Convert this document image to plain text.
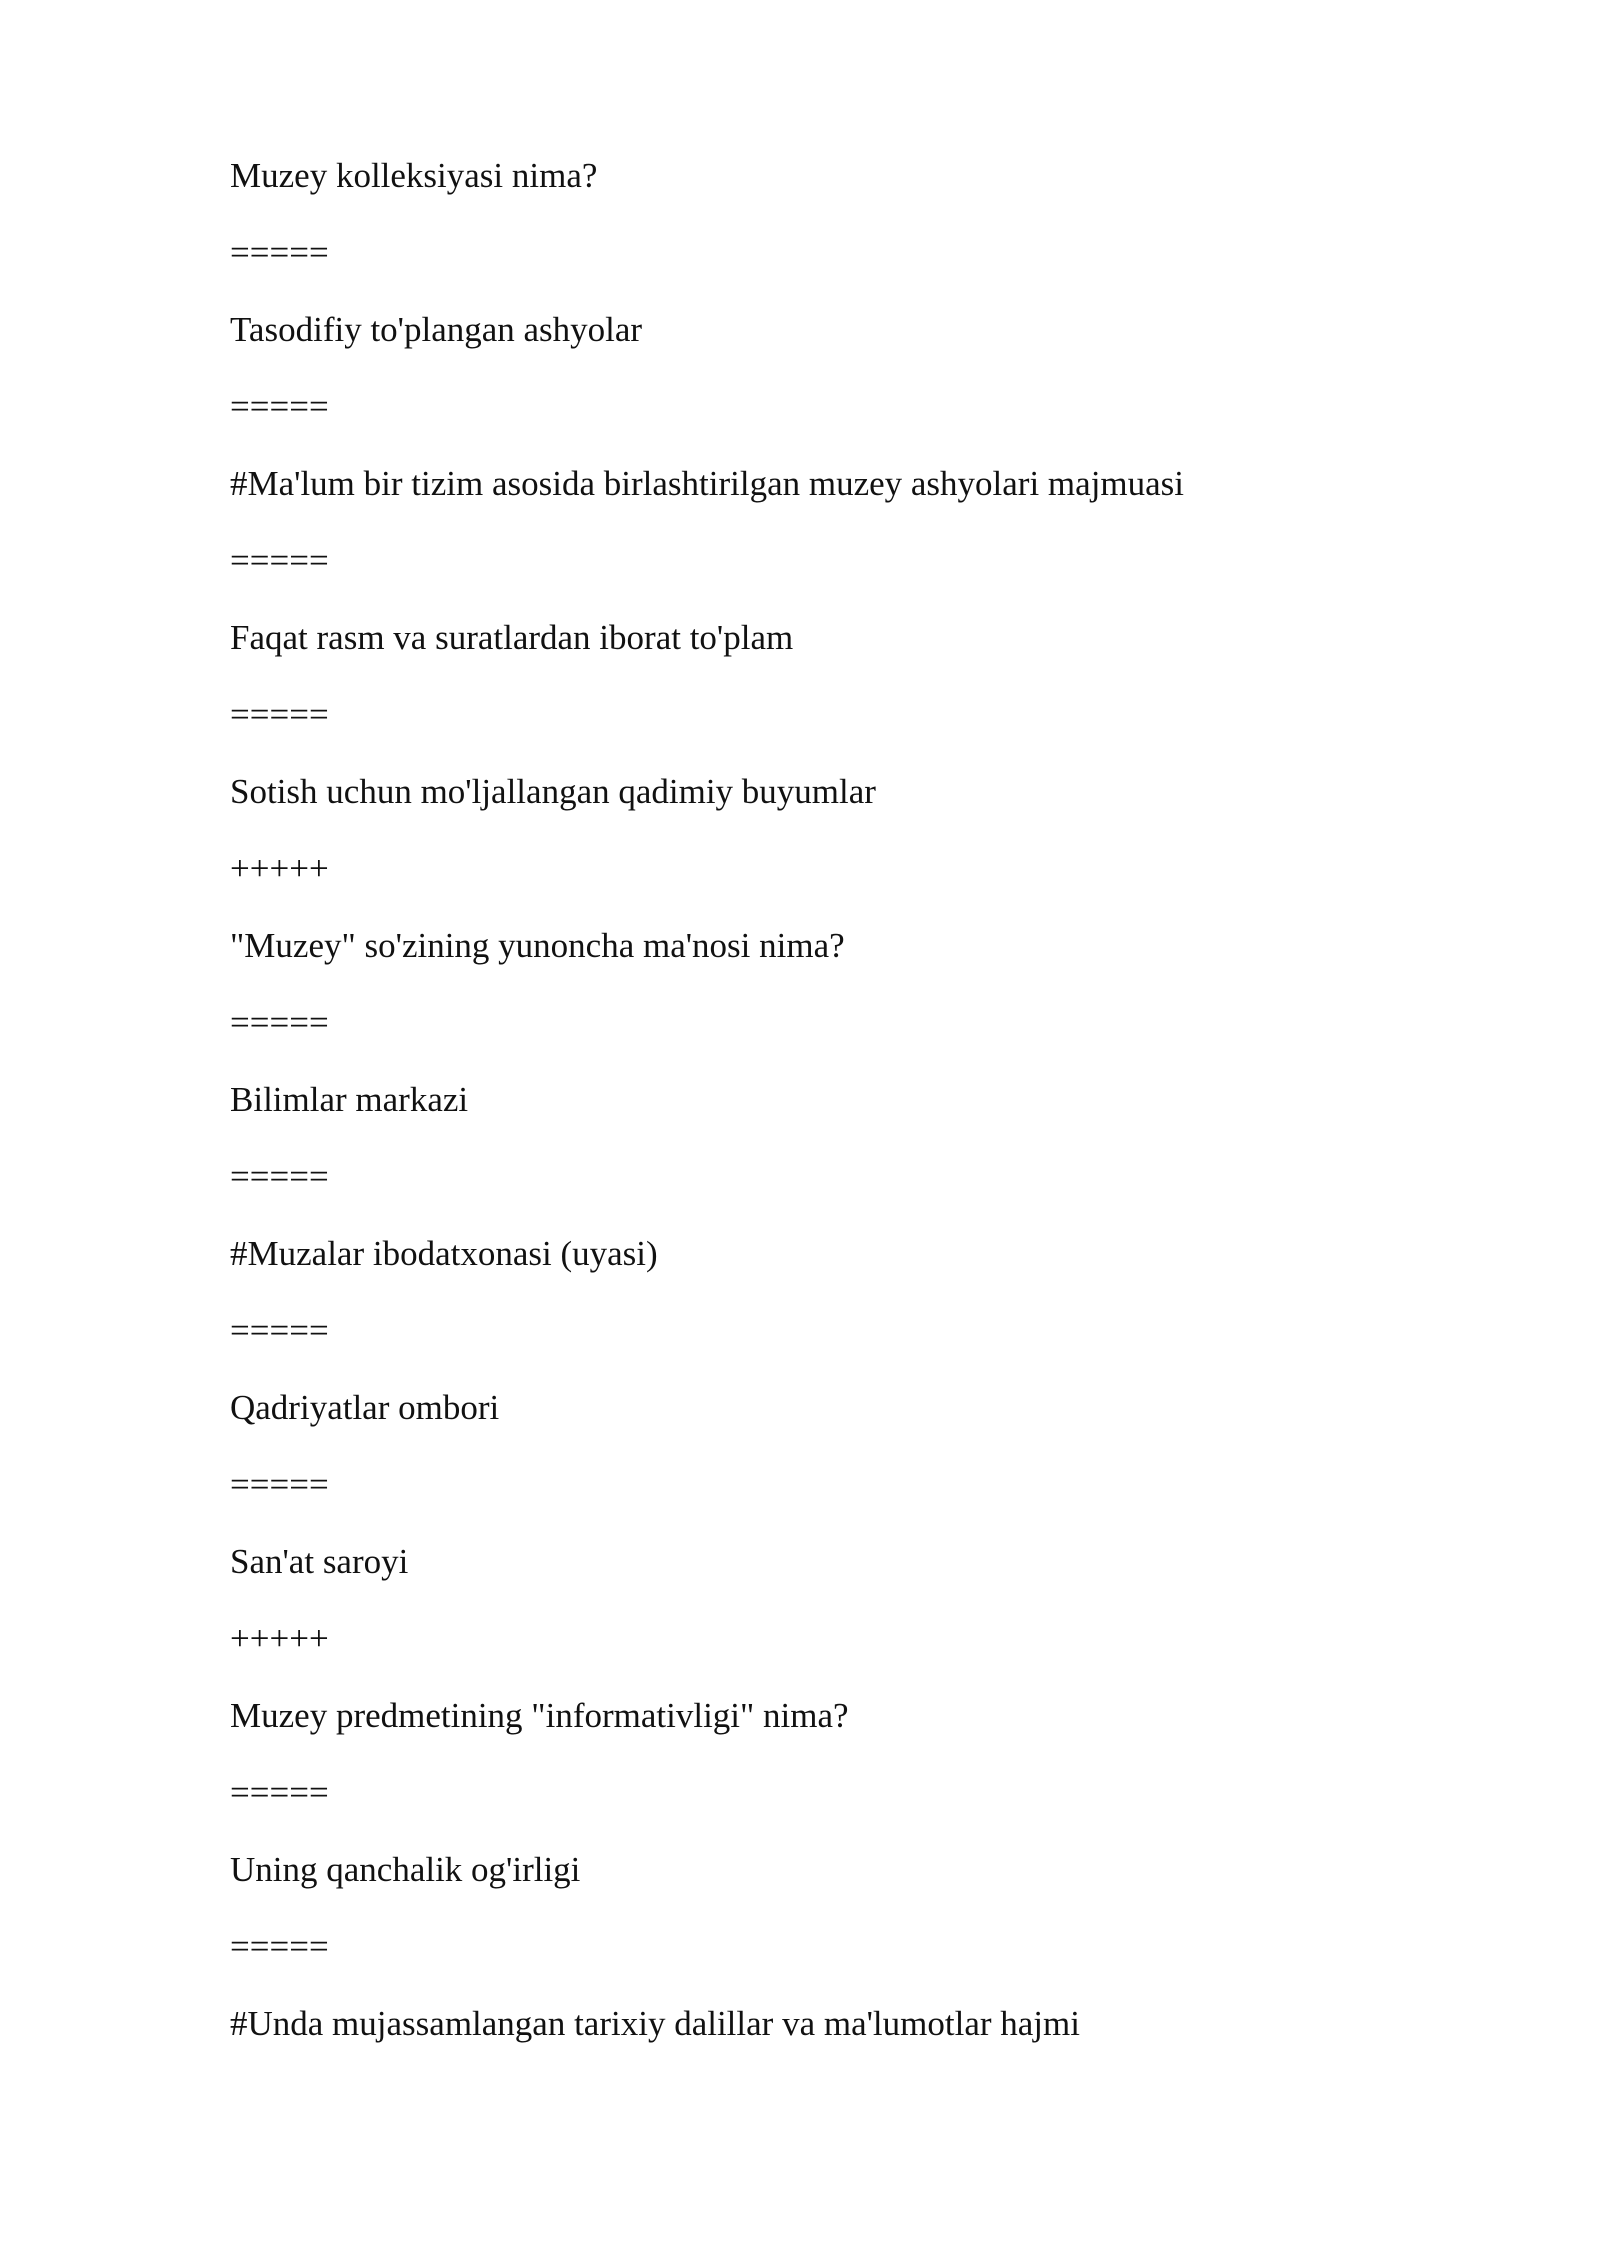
Muzey kolleksiyasi nima?
=====
Tasodifiy to'plangan ashyolar
=====
#Ma'lum bir tizim asosida birlashtirilgan muzey ashyolari majmuasi
=====
Faqat rasm va suratlardan iborat to'plam
=====
Sotish uchun mo'ljallangan qadimiy buyumlar
+++++
"Muzey" so'zining yunoncha ma'nosi nima?
=====
Bilimlar markazi
=====
#Muzalar ibodatxonasi (uyasi)
=====
Qadriyatlar ombori
=====
San'at saroyi
+++++
Muzey predmetining "informativligi" nima?
=====
Uning qanchalik og'irligi
=====
#Unda mujassamlangan tarixiy dalillar va ma'lumotlar hajmi
